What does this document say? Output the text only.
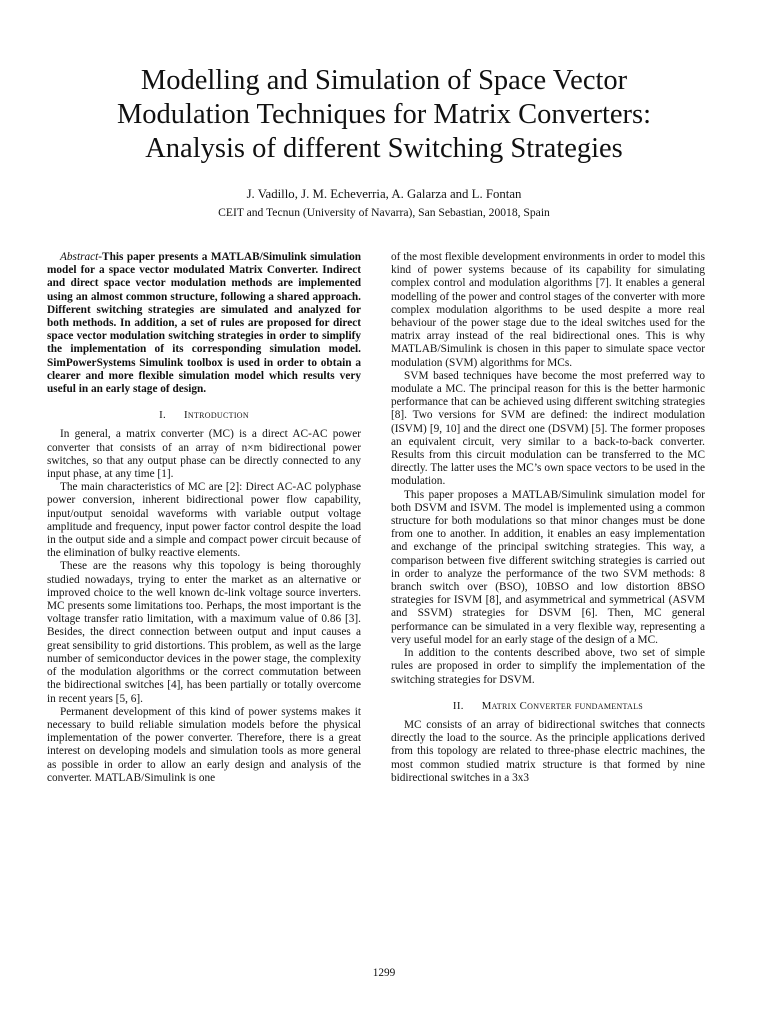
Modelling and Simulation of Space Vector
Modulation Techniques for Matrix Converters:
Analysis of different Switching Strategies

J. Vadillo, J. M. Echeverria, A. Galarza and L. Fontan

CEIT and Tecnun (University of Navarra), San Sebastian, 20018, Spain

Abstract-This paper presents a MATLAB/Simulink simulation model for a space vector modulated Matrix Converter. Indirect and direct space vector modulation methods are implemented using an almost common structure, following a shared approach. Different switching strategies are simulated and analyzed for both methods. In addition, a set of rules are proposed for direct space vector modulation switching strategies in order to simplify the implementation of its corresponding simulation model. SimPowerSystems Simulink toolbox is used in order to obtain a clearer and more flexible simulation model which results very useful in an early stage of design.

I. Introduction

In general, a matrix converter (MC) is a direct AC-AC power converter that consists of an array of n×m bidirectional power switches, so that any output phase can be directly connected to any input phase, at any time [1].

The main characteristics of MC are [2]: Direct AC-AC polyphase power conversion, inherent bidirectional power flow capability, input/output senoidal waveforms with variable output voltage amplitude and frequency, input power factor control despite the load in the output side and a simple and compact power circuit because of the elimination of bulky reactive elements.

These are the reasons why this topology is being thoroughly studied nowadays, trying to enter the market as an alternative or improved choice to the well known dc-link voltage source inverters. MC presents some limitations too. Perhaps, the most important is the voltage transfer ratio limitation, with a maximum value of 0.86 [3]. Besides, the direct connection between output and input causes a great sensibility to grid distortions. This problem, as well as the large number of semiconductor devices in the power stage, the complexity of the modulation algorithms or the correct commutation between the bidirectional switches [4], has been partially or totally overcome in recent years [5, 6].

Permanent development of this kind of power systems makes it necessary to build reliable simulation models before the physical implementation of the power converter. Therefore, there is a great interest on developing models and simulation tools as more general as possible in order to allow an early design and analysis of the converter. MATLAB/Simulink is one

of the most flexible development environments in order to model this kind of power systems because of its capability for simulating complex control and modulation algorithms [7]. It enables a general modelling of the power and control stages of the converter with more complex modulation algorithms to be used despite a more real behaviour of the power stage due to the ideal switches used for the matrix array instead of the real bidirectional ones. This is why MATLAB/Simulink is chosen in this paper to simulate space vector modulation (SVM) algorithms for MCs.

SVM based techniques have become the most preferred way to modulate a MC. The principal reason for this is the better harmonic performance that can be achieved using different switching strategies [8]. Two versions for SVM are defined: the indirect modulation (ISVM) [9, 10] and the direct one (DSVM) [5]. The former proposes an equivalent circuit, very similar to a back-to-back converter. Results from this circuit modulation can be transferred to the MC directly. The latter uses the MC’s own space vectors to be used in the modulation.

This paper proposes a MATLAB/Simulink simulation model for both DSVM and ISVM. The model is implemented using a common structure for both modulations so that minor changes must be done from one to another. In addition, it enables an easy implementation and exchange of the principal switching strategies. This way, a comparison between five different switching strategies is carried out in order to analyze the performance of the two SVM methods: 8 branch switch over (BSO), 10BSO and low distortion 8BSO strategies for ISVM [8], and asymmetrical and symmetrical (ASVM and SSVM) strategies for DSVM [6]. Then, MC general performance can be simulated in a very flexible way, representing a very useful model for an early stage of the design of a MC.

In addition to the contents described above, two set of simple rules are proposed in order to simplify the implementation of the switching strategies for DSVM.

II. Matrix Converter fundamentals

MC consists of an array of bidirectional switches that connects directly the load to the source. As the principle applications derived from this topology are related to three-phase electric machines, the most common studied matrix structure is that formed by nine bidirectional switches in a 3x3

1299
